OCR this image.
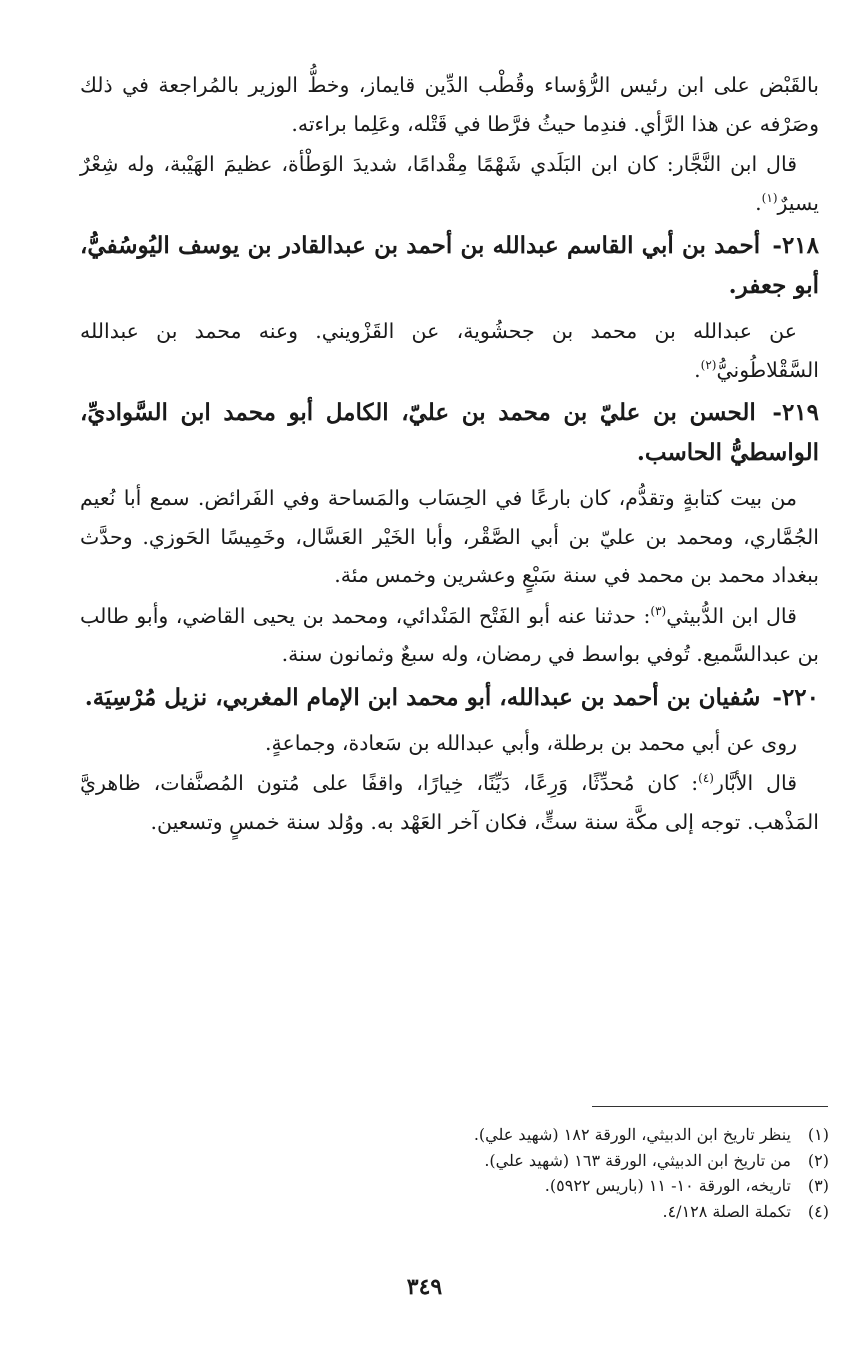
بالقَبْض على ابن رئيس الرُّؤساء وقُطْب الدِّين قايماز، وخطُّ الوزير بالمُراجعة في ذلك وصَرْفه عن هذا الرَّأي. فندِما حيثُ فرَّطا في قَتْله، وعَلِما براءته.

قال ابن النَّجَّار: كان ابن البَلَدي شَهْمًا مِقْدامًا، شديدَ الوَطْأة، عظيمَ الهَيْبة، وله شِعْرٌ يسيرٌ$^{(١)}$.

٢١٨- أحمد بن أبي القاسم عبدالله بن أحمد بن عبدالقادر بن يوسف اليُوسُفيُّ، أبو جعفر.

عن عبدالله بن محمد بن جحشُوية، عن القَزْويني. وعنه محمد بن عبدالله السَّقْلاطُونيُّ$^{(٢)}$.

٢١٩- الحسن بن عليّ بن محمد بن عليّ، الكامل أبو محمد ابن السَّواديِّ، الواسطيُّ الحاسب.

من بيت كتابةٍ وتقدُّم، كان بارعًا في الحِسَاب والمَساحة وفي الفَرائض. سمع أبا نُعيم الجُمَّاري، ومحمد بن عليّ بن أبي الصَّقْر، وأبا الخَيْر العَسَّال، وخَمِيسًا الحَوزي. وحدَّث ببغداد محمد بن محمد في سنة سَبْعٍ وعشرين وخمس مئة.

قال ابن الدُّبيثي$^{(٣)}$: حدثنا عنه أبو الفَتْح المَنْدائي، ومحمد بن يحيى القاضي، وأبو طالب بن عبدالسَّميع. تُوفي بواسط في رمضان، وله سبعٌ وثمانون سنة.

٢٢٠- سُفيان بن أحمد بن عبدالله، أبو محمد ابن الإمام المغربي، نزيل مُرْسِيَة.

روى عن أبي محمد بن برطلة، وأبي عبدالله بن سَعادة، وجماعةٍ.

قال الأبَّار$^{(٤)}$: كان مُحدِّثًا، وَرِعًا، دَيِّنًا، خِيارًا، واقفًا على مُتون المُصنَّفات، ظاهريَّ المَذْهب. توجه إلى مكَّة سنة ستٍّ، فكان آخر العَهْد به. ووُلد سنة خمسٍ وتسعين.

(١)
ينظر تاريخ ابن الدبيثي، الورقة ١٨٢ (شهيد علي).
(٢)
من تاريخ ابن الدبيثي، الورقة ١٦٣ (شهيد علي).
(٣)
تاريخه، الورقة ١٠- ١١ (باريس ٥٩٢٢).
(٤)
تكملة الصلة ٤/١٢٨.
٣٤٩
